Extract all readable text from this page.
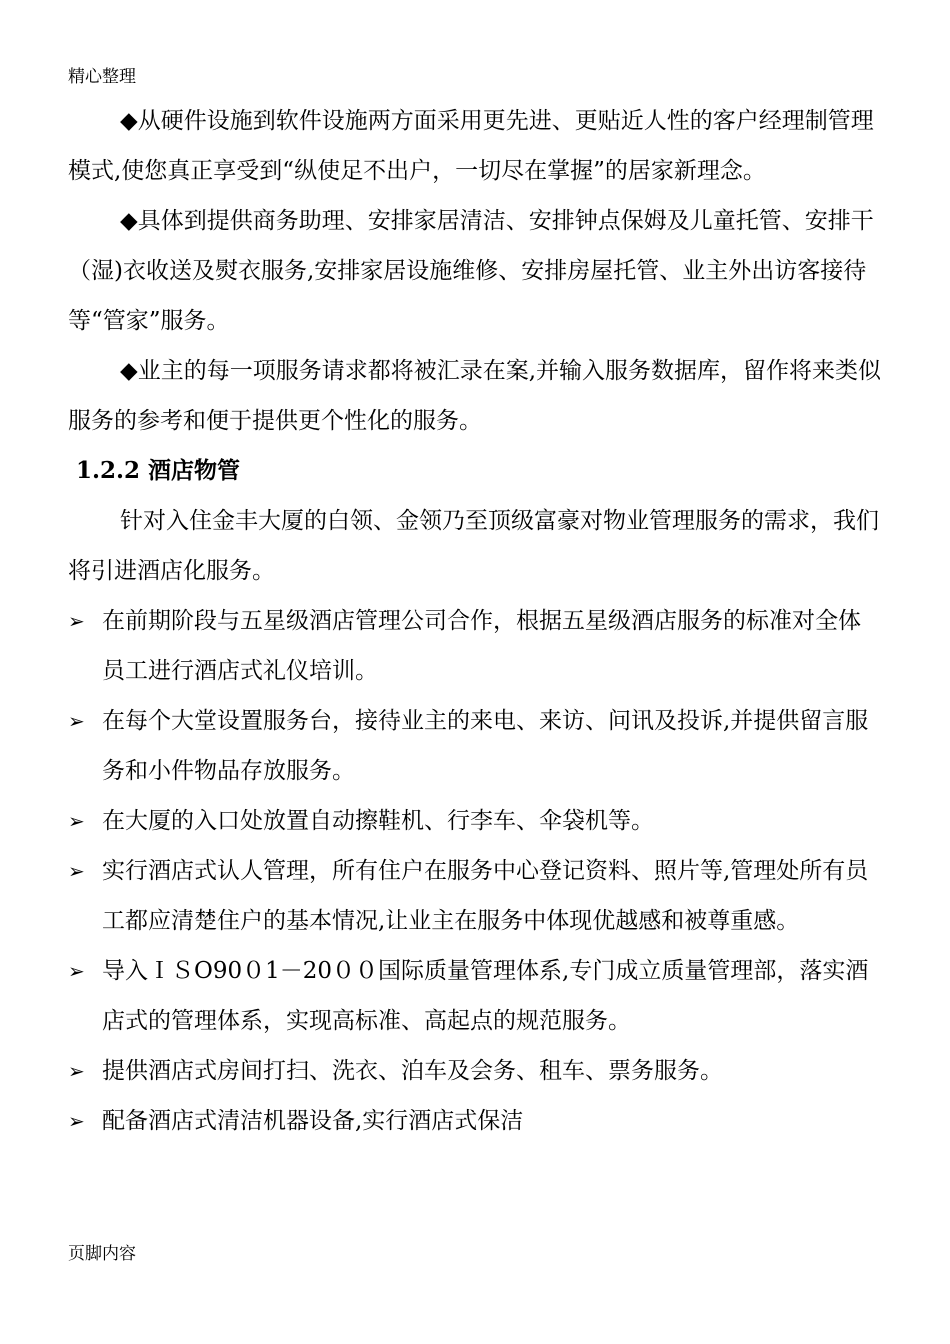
精心整理

◆从硬件设施到软件设施两方面采用更先进、更贴近人性的客户经理制管理模式,使您真正享受到“纵使足不出户，一切尽在掌握”的居家新理念。

◆具体到提供商务助理、安排家居清洁、安排钟点保姆及儿童托管、安排干（湿)衣收送及熨衣服务,安排家居设施维修、安排房屋托管、业主外出访客接待等“管家”服务。

◆业主的每一项服务请求都将被汇录在案,并输入服务数据库，留作将来类似服务的参考和便于提供更个性化的服务。

1.2.2 酒店物管

针对入住金丰大厦的白领、金领乃至顶级富豪对物业管理服务的需求，我们将引进酒店化服务。

➢ 在前期阶段与五星级酒店管理公司合作，根据五星级酒店服务的标准对全体员工进行酒店式礼仪培训。
➢ 在每个大堂设置服务台，接待业主的来电、来访、问讯及投诉,并提供留言服务和小件物品存放服务。
➢ 在大厦的入口处放置自动擦鞋机、行李车、伞袋机等。
➢ 实行酒店式认人管理，所有住户在服务中心登记资料、照片等,管理处所有员工都应清楚住户的基本情况,让业主在服务中体现优越感和被尊重感。
➢ 导入ＩＳO90０1－20００国际质量管理体系,专门成立质量管理部，落实酒店式的管理体系，实现高标准、高起点的规范服务。
➢ 提供酒店式房间打扫、洗衣、泊车及会务、租车、票务服务。
➢ 配备酒店式清洁机器设备,实行酒店式保洁
页脚内容
